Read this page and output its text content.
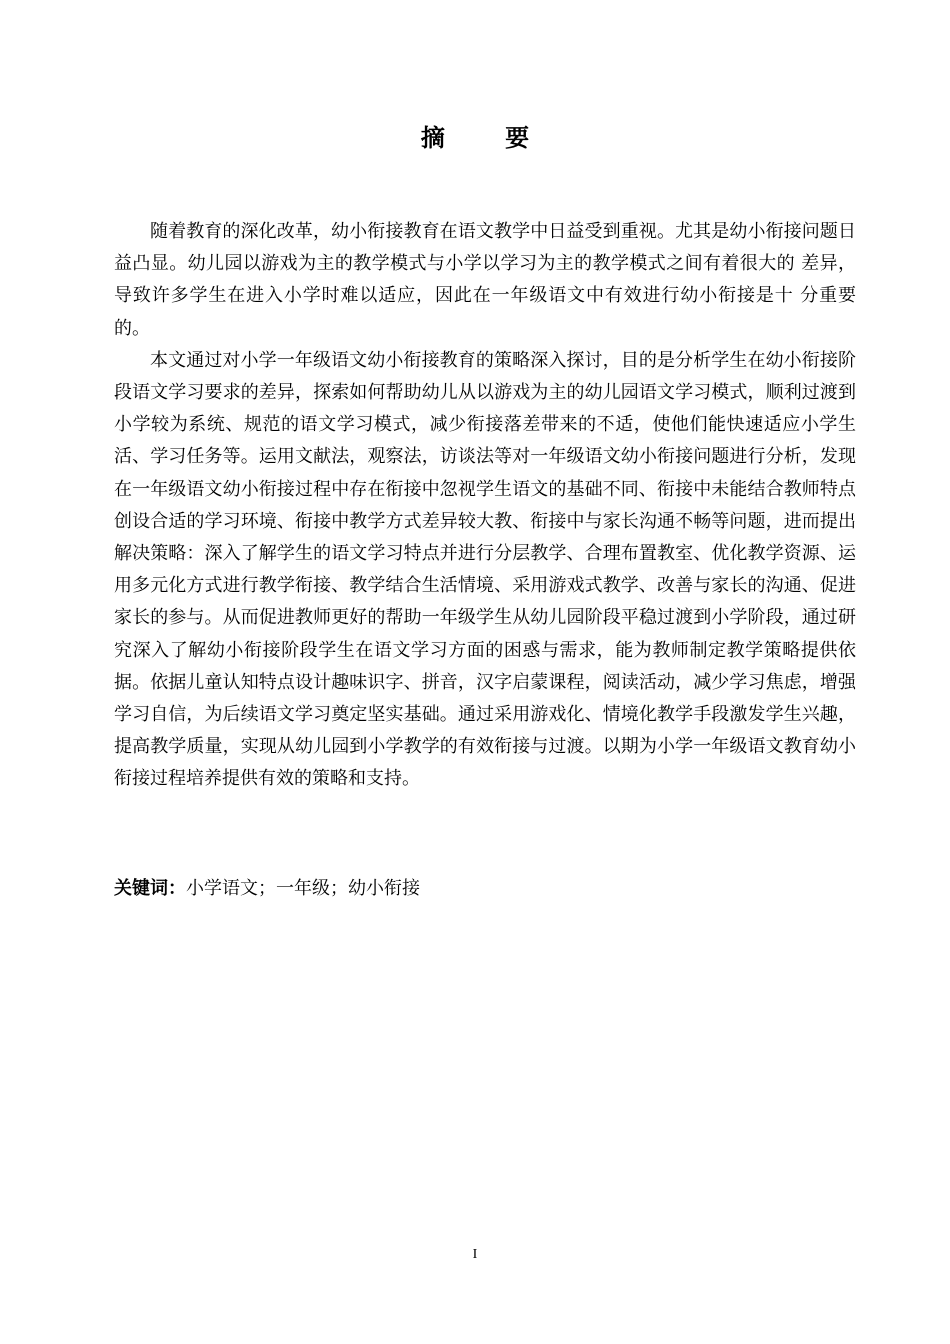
摘 要

随着教育的深化改革，幼小衔接教育在语文教学中日益受到重视。尤其是幼小衔接问题日益凸显。幼儿园以游戏为主的教学模式与小学以学习为主的教学模式之间有着很大的 差异，导致许多学生在进入小学时难以适应，因此在一年级语文中有效进行幼小衔接是十 分重要的。

本文通过对小学一年级语文幼小衔接教育的策略深入探讨，目的是分析学生在幼小衔接阶段语文学习要求的差异，探索如何帮助幼儿从以游戏为主的幼儿园语文学习模式，顺利过渡到小学较为系统、规范的语文学习模式，减少衔接落差带来的不适，使他们能快速适应小学生活、学习任务等。运用文献法，观察法，访谈法等对一年级语文幼小衔接问题进行分析，发现在一年级语文幼小衔接过程中存在衔接中忽视学生语文的基础不同、衔接中未能结合教师特点创设合适的学习环境、衔接中教学方式差异较大教、衔接中与家长沟通不畅等问题，进而提出解决策略：深入了解学生的语文学习特点并进行分层教学、合理布置教室、优化教学资源、运用多元化方式进行教学衔接、教学结合生活情境、采用游戏式教学、改善与家长的沟通、促进家长的参与。从而促进教师更好的帮助一年级学生从幼儿园阶段平稳过渡到小学阶段，通过研究深入了解幼小衔接阶段学生在语文学习方面的困惑与需求，能为教师制定教学策略提供依据。依据儿童认知特点设计趣味识字、拼音，汉字启蒙课程，阅读活动，减少学习焦虑，增强学习自信，为后续语文学习奠定坚实基础。通过采用游戏化、情境化教学手段激发学生兴趣，提高教学质量，实现从幼儿园到小学教学的有效衔接与过渡。以期为小学一年级语文教育幼小衔接过程培养提供有效的策略和支持。

关键词：小学语文；一年级；幼小衔接

I
